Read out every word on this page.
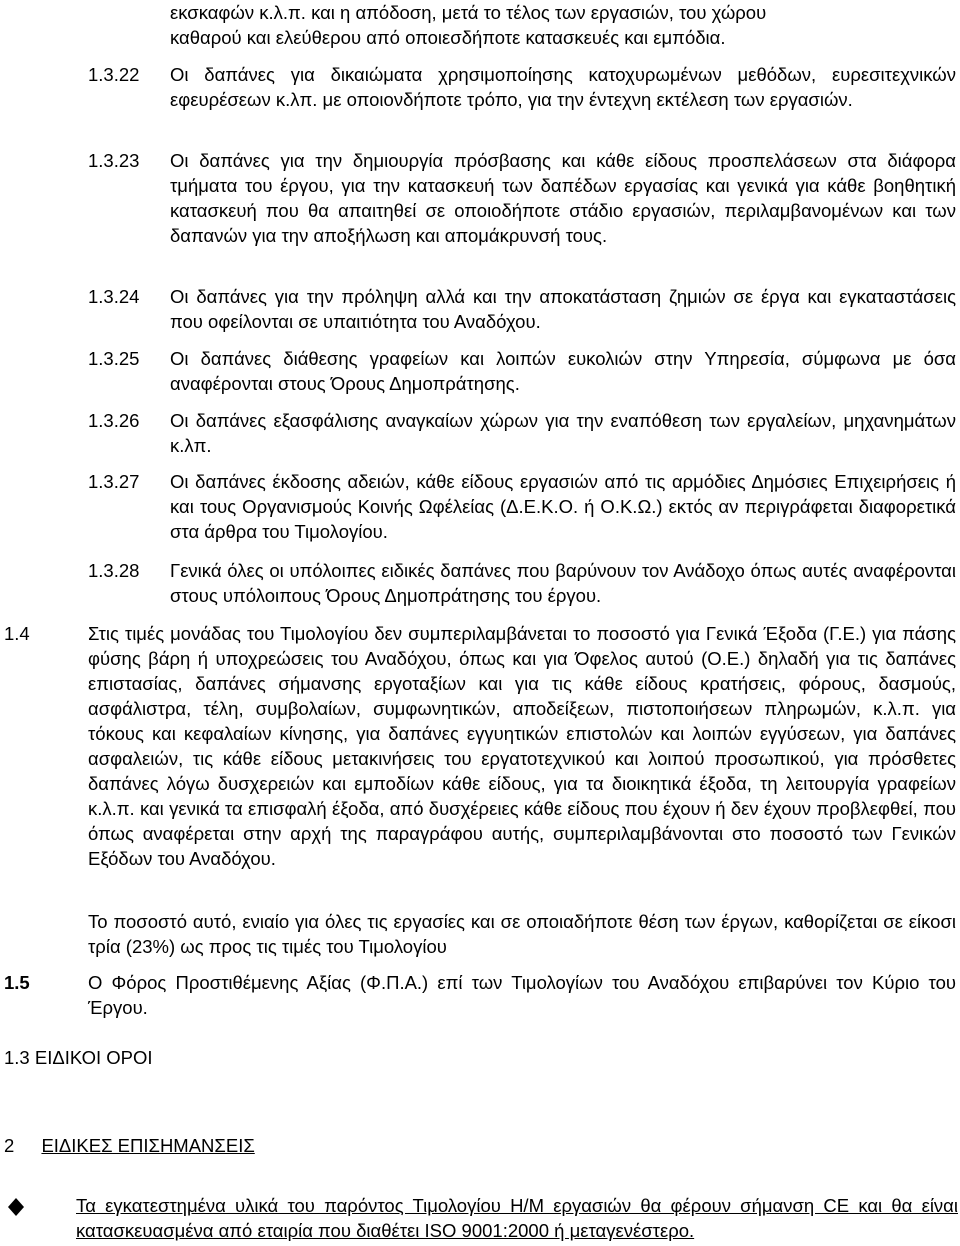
εκσκαφών κ.λ.π. και η απόδοση, μετά το τέλος των εργασιών, του χώρου
καθαρού και ελεύθερου από οποιεσδήποτε κατασκευές και εμπόδια.
1.3.22	Οι δαπάνες για δικαιώματα χρησιμοποίησης κατοχυρωμένων μεθόδων, ευρεσιτεχνικών εφευρέσεων κ.λπ. με οποιονδήποτε τρόπο, για την έντεχνη εκτέλεση των εργασιών.
1.3.23	Οι δαπάνες για την δημιουργία πρόσβασης και κάθε είδους προσπελάσεων στα διάφορα τμήματα του έργου, για την κατασκευή των δαπέδων εργασίας και γενικά για κάθε βοηθητική κατασκευή που θα απαιτηθεί σε οποιοδήποτε στάδιο εργασιών, περιλαμβανομένων και των δαπανών για την αποξήλωση και απομάκρυνσή τους.
1.3.24	Οι δαπάνες για την πρόληψη αλλά και την αποκατάσταση ζημιών σε έργα και εγκαταστάσεις που οφείλονται σε υπαιτιότητα του Αναδόχου.
1.3.25	Οι δαπάνες διάθεσης γραφείων και λοιπών ευκολιών στην Υπηρεσία, σύμφωνα με όσα αναφέρονται στους Όρους Δημοπράτησης.
1.3.26	Οι δαπάνες εξασφάλισης αναγκαίων χώρων για την εναπόθεση των εργαλείων, μηχανημάτων κ.λπ.
1.3.27	Οι δαπάνες έκδοσης αδειών, κάθε είδους εργασιών από τις αρμόδιες Δημόσιες Επιχειρήσεις ή και τους Οργανισμούς Κοινής Ωφέλείας (Δ.Ε.Κ.Ο. ή Ο.Κ.Ω.) εκτός αν περιγράφεται διαφορετικά στα άρθρα του Τιμολογίου.
1.3.28	Γενικά όλες οι υπόλοιπες ειδικές δαπάνες που βαρύνουν τον Ανάδοχο όπως αυτές αναφέρονται στους υπόλοιπους Όρους Δημοπράτησης του έργου.
1.4	Στις τιμές μονάδας του Τιμολογίου δεν συμπεριλαμβάνεται το ποσοστό για Γενικά Έξοδα (Γ.Ε.) για πάσης φύσης βάρη ή υποχρεώσεις του Αναδόχου, όπως και για Όφελος αυτού (Ο.Ε.) δηλαδή για τις δαπάνες επιστασίας, δαπάνες σήμανσης εργοταξίων και για τις κάθε είδους κρατήσεις, φόρους, δασμούς, ασφάλιστρα, τέλη, συμβολαίων, συμφωνητικών, αποδείξεων, πιστοποιήσεων πληρωμών, κ.λ.π. για τόκους και κεφαλαίων κίνησης, για δαπάνες εγγυητικών επιστολών και λοιπών εγγύσεων, για δαπάνες ασφαλειών, τις κάθε είδους μετακινήσεις του εργατοτεχνικού και λοιπού προσωπικού, για πρόσθετες δαπάνες λόγω δυσχερειών και εμποδίων κάθε είδους, για τα διοικητικά έξοδα, τη λειτουργία γραφείων κ.λ.π. και γενικά τα επισφαλή έξοδα, από δυσχέρειες κάθε είδους που έχουν ή δεν έχουν προβλεφθεί, που όπως αναφέρεται στην αρχή της παραγράφου αυτής, συμπεριλαμβάνονται στο ποσοστό των Γενικών Εξόδων του Αναδόχου.
Το ποσοστό αυτό, ενιαίο για όλες τις εργασίες και σε οποιαδήποτε θέση των έργων, καθορίζεται σε είκοσι τρία (23%) ως προς τις τιμές του Τιμολογίου
1.5	Ο Φόρος Προστιθέμενης Αξίας (Φ.Π.Α.) επί των Τιμολογίων του Αναδόχου επιβαρύνει τον Κύριο του Έργου.
1.3 ΕΙΔΙΚΟΙ ΟΡΟΙ
2 ΕΙΔΙΚΕΣ ΕΠΙΣΗΜΑΝΣΕΙΣ
Τα εγκατεστημένα υλικά του παρόντος Τιμολογίου Η/Μ εργασιών θα φέρουν σήμανση CE και θα είναι κατασκευασμένα από εταιρία που διαθέτει ISO 9001:2000 ή μεταγενέστερο.
